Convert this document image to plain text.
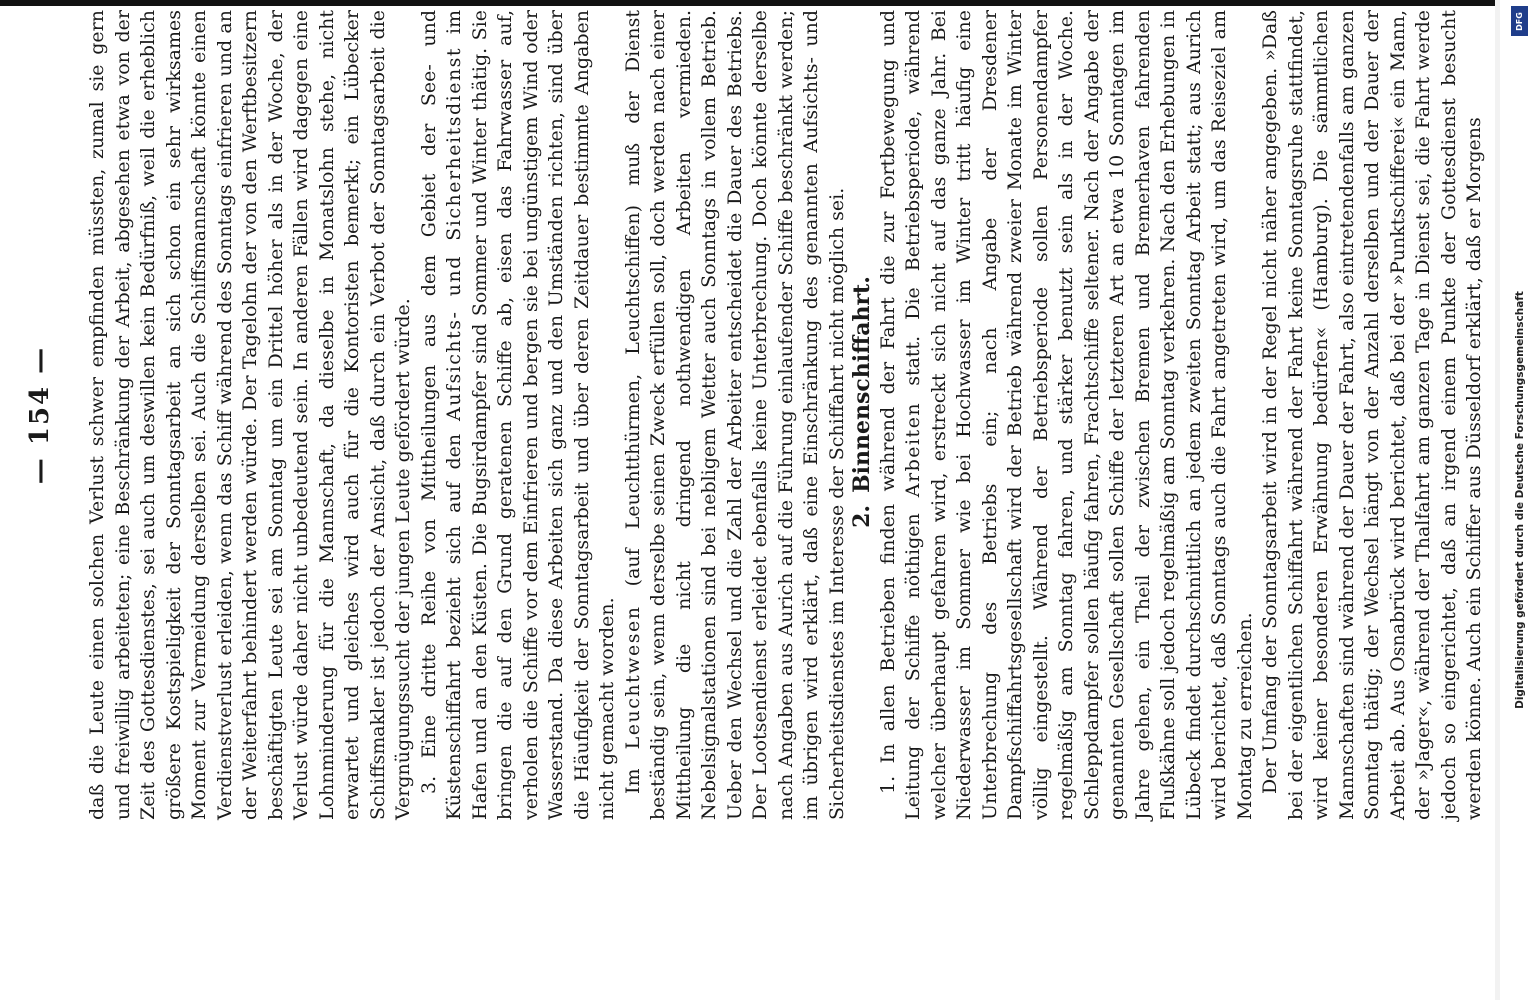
— 154 — daß die Leute einen solchen Verlust schwer empfinden müssten, zumal sie gern und freiwillig arbeiteten; eine Beschränkung der Arbeit, abgesehen etwa von der Zeit des Gottesdienstes, sei auch um deswillen kein Bedürfniß, weil die erheblich größere Kostspieligkeit der Sonntagsarbeit an sich schon ein sehr wirksames Moment zur Vermeidung derselben sei. Auch die Schiffsmannschaft könnte einen Verdienstverlust erleiden, wenn das Schiff während des Sonntags einfrieren und an der Weiterfahrt behindert werden würde. Der Tagelohn der von den Werftbesitzern beschäftigten Leute sei am Sonntag um ein Drittel höher als in der Woche, der Verlust würde daher nicht unbedeutend sein. In anderen Fällen wird dagegen eine Lohnminderung für die Mannschaft, da dieselbe in Monatslohn stehe, nicht erwartet und gleiches wird auch für die Kontoristen bemerkt; ein Lübecker Schiffsmakler ist jedoch der Ansicht, daß durch ein Verbot der Sonntagsarbeit die Vergnügungssucht der jungen Leute gefördert würde. 3. Eine dritte Reihe von Mittheilungen aus dem Gebiet der See- und Küstenschiffahrt bezieht sich auf den Aufsichts- und Sicherheitsdienst im Hafen und an den Küsten. Die Bugsirdampfer sind Sommer und Winter thätig. Sie bringen die auf den Grund geratenen Schiffe ab, eisen das Fahrwasser auf, verholen die Schiffe vor dem Einfrieren und bergen sie bei ungünstigem Wind oder Wasserstand. Da diese Arbeiten sich ganz und den Umständen richten, sind über die Häufigkeit der Sonntagsarbeit und über deren Zeitdauer bestimmte Angaben nicht gemacht worden. Im Leuchtwesen (auf Leuchtthürmen, Leuchtschiffen) muß der Dienst beständig sein, wenn derselbe seinen Zweck erfüllen soll, doch werden nach einer Mittheilung die nicht dringend nothwendigen Arbeiten vermieden. Nebelsignalstationen sind bei nebligem Wetter auch Sonntags in vollem Betrieb. Ueber den Wechsel und die Zahl der Arbeiter entscheidet die Dauer des Betriebs. Der Lootsendienst erleidet ebenfalls keine Unterbrechung. Doch könnte derselbe nach Angaben aus Aurich auf die Führung einlaufender Schiffe beschränkt werden; im übrigen wird erklärt, daß eine Einschränkung des genannten Aufsichts- und Sicherheitsdienstes im Interesse der Schiffahrt nicht möglich sei. 2.Binnenschiffahrt. 1. In allen Betrieben finden während der Fahrt die zur Fortbewegung und Leitung der Schiffe nöthigen Arbeiten statt. Die Betriebsperiode, während welcher überhaupt gefahren wird, erstreckt sich nicht auf das ganze Jahr. Bei Niederwasser im Sommer wie bei Hochwasser im Winter tritt häufig eine Unterbrechung des Betriebs ein; nach Angabe der Dresdener Dampfschiffahrtsgesellschaft wird der Betrieb während zweier Monate im Winter völlig eingestellt. Während der Betriebsperiode sollen Personendampfer regelmäßig am Sonntag fahren, und stärker benutzt sein als in der Woche. Schleppdampfer sollen häufig fahren, Frachtschiffe seltener. Nach der Angabe der genannten Gesellschaft sollen Schiffe der letzteren Art an etwa 10 Sonntagen im Jahre gehen, ein Theil der zwischen Bremen und Bremerhaven fahrenden Flußkähne soll jedoch regelmäßig am Sonntag verkehren. Nach den Erhebungen in Lübeck findet durchschnittlich an jedem zweiten Sonntag Arbeit statt; aus Aurich wird berichtet, daß Sonntags auch die Fahrt angetreten wird, um das Reiseziel am Montag zu erreichen. Der Umfang der Sonntagsarbeit wird in der Regel nicht näher angegeben. »Daß bei der eigentlichen Schiffahrt während der Fahrt keine Sonntagsruhe stattfindet, wird keiner besonderen Erwähnung bedürfen« (Hamburg). Die sämmtlichen Mannschaften sind während der Dauer der Fahrt, also eintretendenfalls am ganzen Sonntag thätig; der Wechsel hängt von der Anzahl derselben und der Dauer der Arbeit ab. Aus Osnabrück wird berichtet, daß bei der »Punktschifferei« ein Mann, der »Jager«, während der Thalfahrt am ganzen Tage in Dienst sei, die Fahrt werde jedoch so eingerichtet, daß an irgend einem Punkte der Gottesdienst besucht werden könne. Auch ein Schiffer aus Düsseldorf erklärt, daß er Morgens

DFG
Digitalisierung gefördert durch die Deutsche Forschungsgemeinschaft
